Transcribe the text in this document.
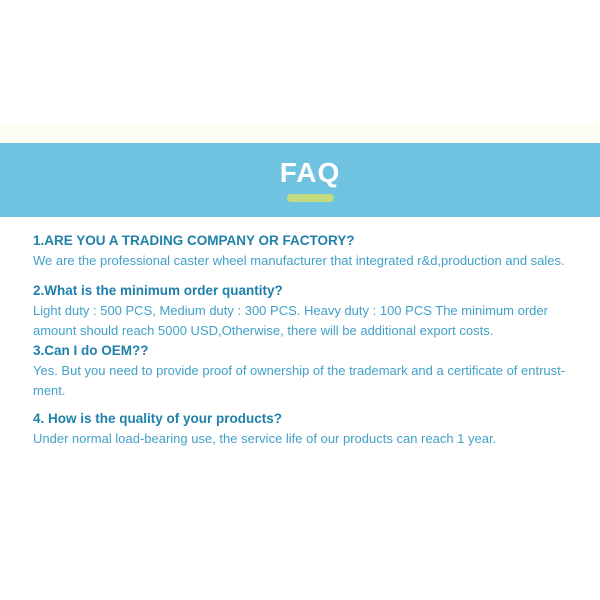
FAQ
1.ARE YOU A TRADING COMPANY OR FACTORY?

We are the professional caster wheel manufacturer that integrated r&d,production and sales.

2.What is the minimum order quantity?

Light duty : 500 PCS, Medium duty : 300 PCS. Heavy duty : 100 PCS The minimum order
amount should reach 5000 USD,Otherwise, there will be additional export costs.

3.Can I do OEM??

Yes. But you need to provide proof of ownership of the trademark and a certificate of entrust-
ment.

4. How is the quality of your products?

Under normal load-bearing use, the service life of our products can reach 1 year.
